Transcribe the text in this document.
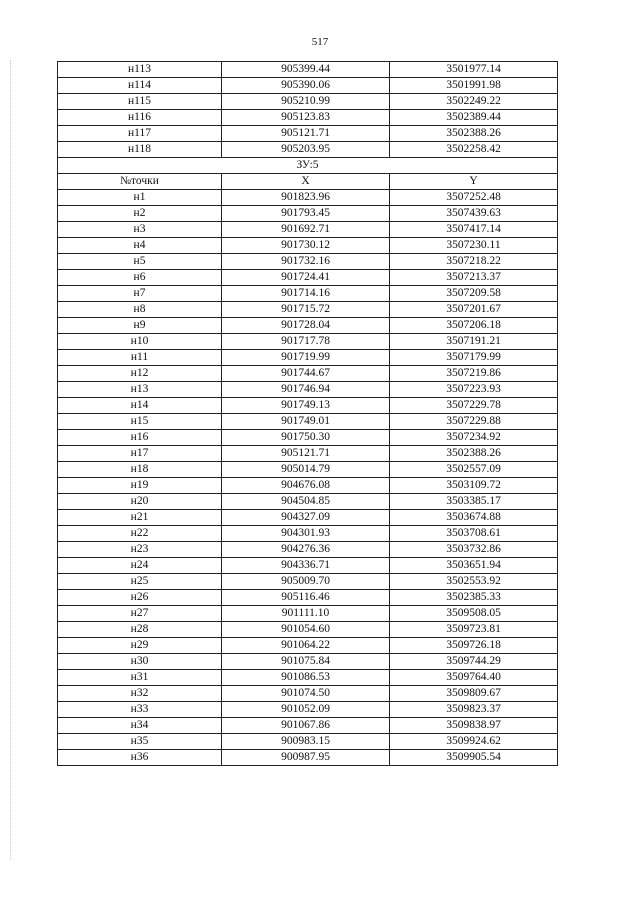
517
н113	905399.44	3501977.14
н114	905390.06	3501991.98
н115	905210.99	3502249.22
н116	905123.83	3502389.44
н117	905121.71	3502388.26
н118	905203.95	3502258.42
ЗУ:5		
№точки	X	Y
н1	901823.96	3507252.48
н2	901793.45	3507439.63
н3	901692.71	3507417.14
н4	901730.12	3507230.11
н5	901732.16	3507218.22
н6	901724.41	3507213.37
н7	901714.16	3507209.58
н8	901715.72	3507201.67
н9	901728.04	3507206.18
н10	901717.78	3507191.21
н11	901719.99	3507179.99
н12	901744.67	3507219.86
н13	901746.94	3507223.93
н14	901749.13	3507229.78
н15	901749.01	3507229.88
н16	901750.30	3507234.92
н17	905121.71	3502388.26
н18	905014.79	3502557.09
н19	904676.08	3503109.72
н20	904504.85	3503385.17
н21	904327.09	3503674.88
н22	904301.93	3503708.61
н23	904276.36	3503732.86
н24	904336.71	3503651.94
н25	905009.70	3502553.92
н26	905116.46	3502385.33
н27	901111.10	3509508.05
н28	901054.60	3509723.81
н29	901064.22	3509726.18
н30	901075.84	3509744.29
н31	901086.53	3509764.40
н32	901074.50	3509809.67
н33	901052.09	3509823.37
н34	901067.86	3509838.97
н35	900983.15	3509924.62
н36	900987.95	3509905.54
